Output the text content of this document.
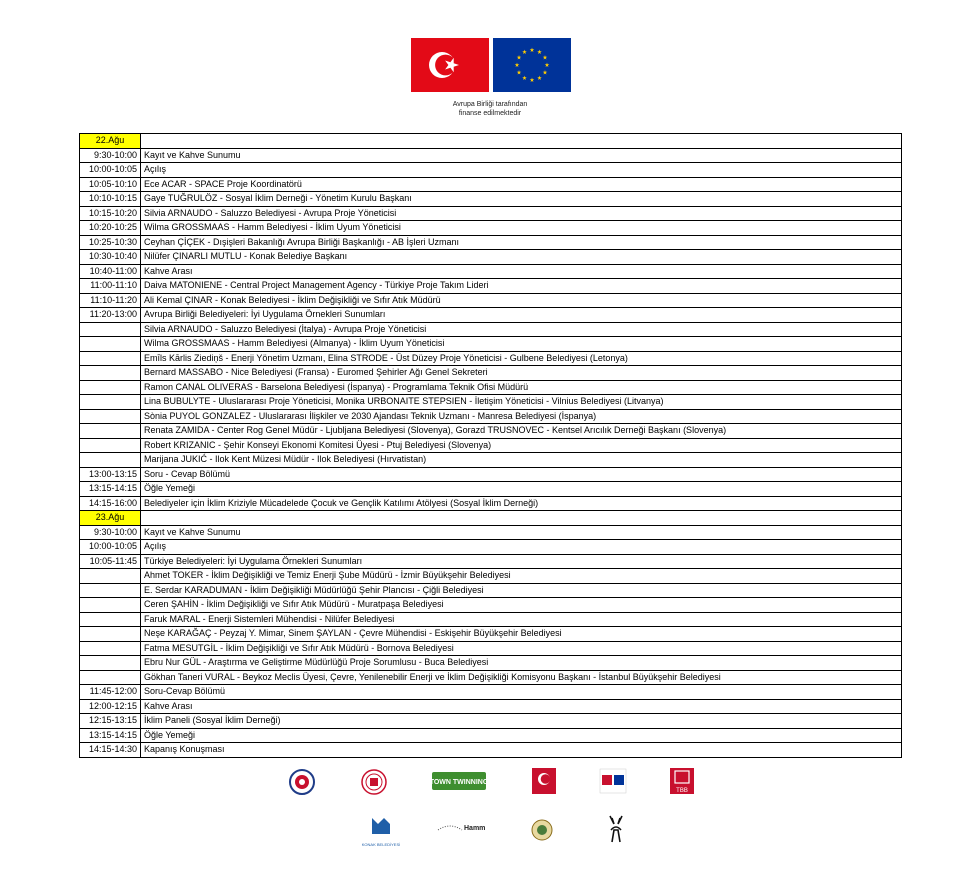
Avrupa Birliği tarafından
finanse edilmektedir
22.Ağu	
9:30-10:00	Kayıt ve Kahve Sunumu
10:00-10:05	Açılış
10:05-10:10	Ece ACAR - SPACE Proje Koordinatörü
10:10-10:15	Gaye TUĞRULÖZ - Sosyal İklim Derneği - Yönetim Kurulu Başkanı
10:15-10:20	Silvia ARNAUDO - Saluzzo Belediyesi - Avrupa Proje Yöneticisi
10:20-10:25	Wilma GROSSMAAS - Hamm Belediyesi - İklim Uyum Yöneticisi
10:25-10:30	Ceyhan ÇİÇEK - Dışişleri Bakanlığı Avrupa Birliği Başkanlığı - AB İşleri Uzmanı
10:30-10:40	Nilüfer ÇINARLI MUTLU - Konak Belediye Başkanı
10:40-11:00	Kahve Arası
11:00-11:10	Daiva MATONIENE - Central Project Management Agency - Türkiye Proje Takım Lideri
11:10-11:20	Ali Kemal ÇINAR - Konak Belediyesi - İklim Değişikliği ve Sıfır Atık Müdürü
11:20-13:00	Avrupa Birliği Belediyeleri: İyi Uygulama Örnekleri Sunumları
	Silvia ARNAUDO - Saluzzo Belediyesi (İtalya) - Avrupa Proje Yöneticisi
	Wilma GROSSMAAS - Hamm Belediyesi (Almanya) - İklim Uyum Yöneticisi
	Emīls Kārlis Ziediņš - Enerji Yönetim Uzmanı, Elina STRODE - Üst Düzey Proje Yöneticisi - Gulbene Belediyesi (Letonya)
	Bernard MASSABO - Nice Belediyesi (Fransa) - Euromed Şehirler Ağı Genel Sekreteri
	Ramon CANAL OLIVERAS - Barselona Belediyesi (İspanya) - Programlama Teknik Ofisi Müdürü
	Lina BUBULYTE - Uluslararası Proje Yöneticisi, Monika URBONAITE STEPSIEN - İletişim Yöneticisi - Vilnius Belediyesi (Litvanya)
	Sònia PUYOL GONZALEZ - Uluslararası İlişkiler ve 2030 Ajandası Teknik Uzmanı - Manresa Belediyesi (İspanya)
	Renata ZAMIDA - Center Rog Genel Müdür - Ljubljana Belediyesi (Slovenya), Gorazd TRUSNOVEC - Kentsel Arıcılık Derneği Başkanı (Slovenya)
	Robert KRIZANIC - Şehir Konseyi Ekonomi Komitesi Üyesi - Ptuj Belediyesi (Slovenya)
	Marijana JUKIĆ - Ilok Kent Müzesi Müdür - Ilok Belediyesi (Hırvatistan)
13:00-13:15	Soru - Cevap Bölümü
13:15-14:15	Öğle Yemeği
14:15-16:00	Belediyeler için İklim Kriziyle Mücadelede Çocuk ve Gençlik Katılımı Atölyesi (Sosyal İklim Derneği)
23.Ağu	
9:30-10:00	Kayıt ve Kahve Sunumu
10:00-10:05	Açılış
10:05-11:45	Türkiye Belediyeleri: İyi Uygulama Örnekleri Sunumları
	Ahmet TOKER - İklim Değişikliği ve Temiz Enerji Şube Müdürü - İzmir Büyükşehir Belediyesi
	E. Serdar KARADUMAN - İklim Değişikliği Müdürlüğü Şehir Plancısı - Çiğli Belediyesi
	Ceren ŞAHİN - İklim Değişikliği ve Sıfır Atık Müdürü - Muratpaşa Belediyesi
	Faruk MARAL - Enerji Sistemleri Mühendisi - Nilüfer Belediyesi
	Neşe KARAĞAÇ - Peyzaj Y. Mimar, Sinem ŞAYLAN - Çevre Mühendisi - Eskişehir Büyükşehir Belediyesi
	Fatma MESUTGİL - İklim Değişikliği ve Sıfır Atık Müdürü - Bornova Belediyesi
	Ebru Nur GÜL - Araştırma ve Geliştirme Müdürlüğü Proje Sorumlusu - Buca Belediyesi
	Gökhan Taneri VURAL - Beykoz Meclis Üyesi, Çevre, Yenilenebilir Enerji ve İklim Değişikliği Komisyonu Başkanı - İstanbul Büyükşehir Belediyesi
11:45-12:00	Soru-Cevap Bölümü
12:00-12:15	Kahve Arası
12:15-13:15	İklim Paneli (Sosyal İklim Derneği)
13:15-14:15	Öğle Yemeği
14:15-14:30	Kapanış Konuşması
TOWN TWINNING
TBB
KONAK BELEDİYESİ
Hamm
